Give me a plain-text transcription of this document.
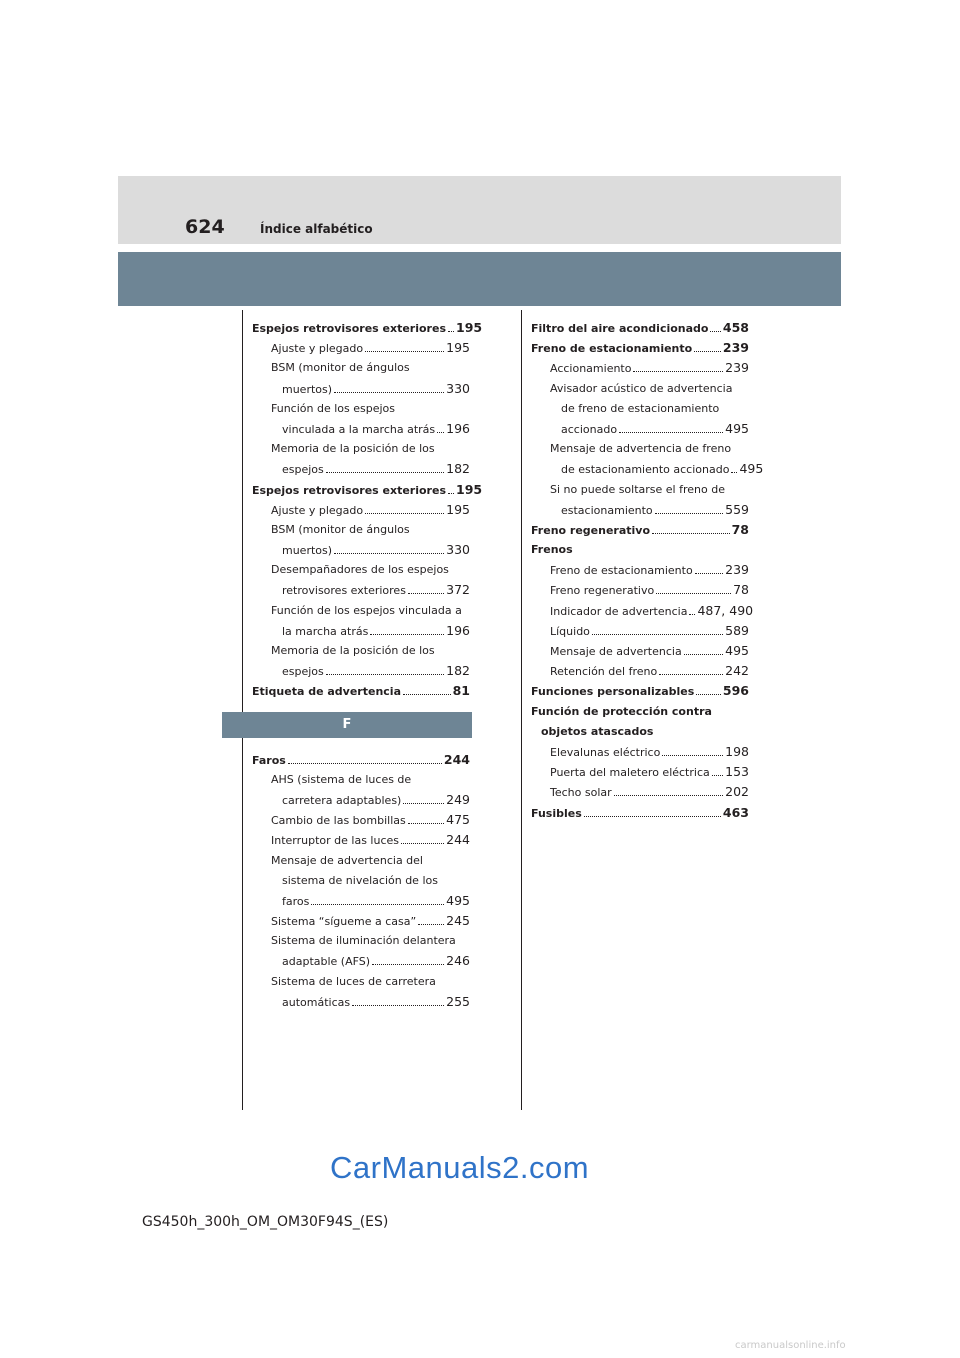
624	Índice alfabético
Espejos retrovisores exteriores 195
Ajuste y plegado	195
BSM (monitor de ángulos
muertos)	330
Función de los espejos
vinculada a la marcha atrás 196
Memoria de la posición de los
espejos	182
Espejos retrovisores exteriores 195
Ajuste y plegado	195
BSM (monitor de ángulos
muertos)	330
Desempañadores de los espejos
retrovisores exteriores	372
Función de los espejos vinculada a
la marcha atrás	196
Memoria de la posición de los
espejos	182
Etiqueta de advertencia	81
F
Faros	244
AHS (sistema de luces de
carretera adaptables)	249
Cambio de las bombillas	475
Interruptor de las luces	244
Mensaje de advertencia del
sistema de nivelación de los
faros	495
Sistema “sígueme a casa” 245
Sistema de iluminación delantera
adaptable (AFS)	246
Sistema de luces de carretera
automáticas	255
Filtro del aire acondicionado 458
Freno de estacionamiento 239
Accionamiento	239
Avisador acústico de advertencia
de freno de estacionamiento
accionado	495
Mensaje de advertencia de freno
de estacionamiento accionado 495
Si no puede soltarse el freno de
estacionamiento	559
Freno regenerativo	78
Frenos
Freno de estacionamiento	239
Freno regenerativo	78
Indicador de advertencia 487, 490
Líquido	589
Mensaje de advertencia	495
Retención del freno	242
Funciones personalizables 596
Función de protección contra
objetos atascados
Elevalunas eléctrico	198
Puerta del maletero eléctrica 153
Techo solar	202
Fusibles	463
GS450h_300h_OM_OM30F94S_(ES)
CarManuals2.com
carmanualsonline.info
